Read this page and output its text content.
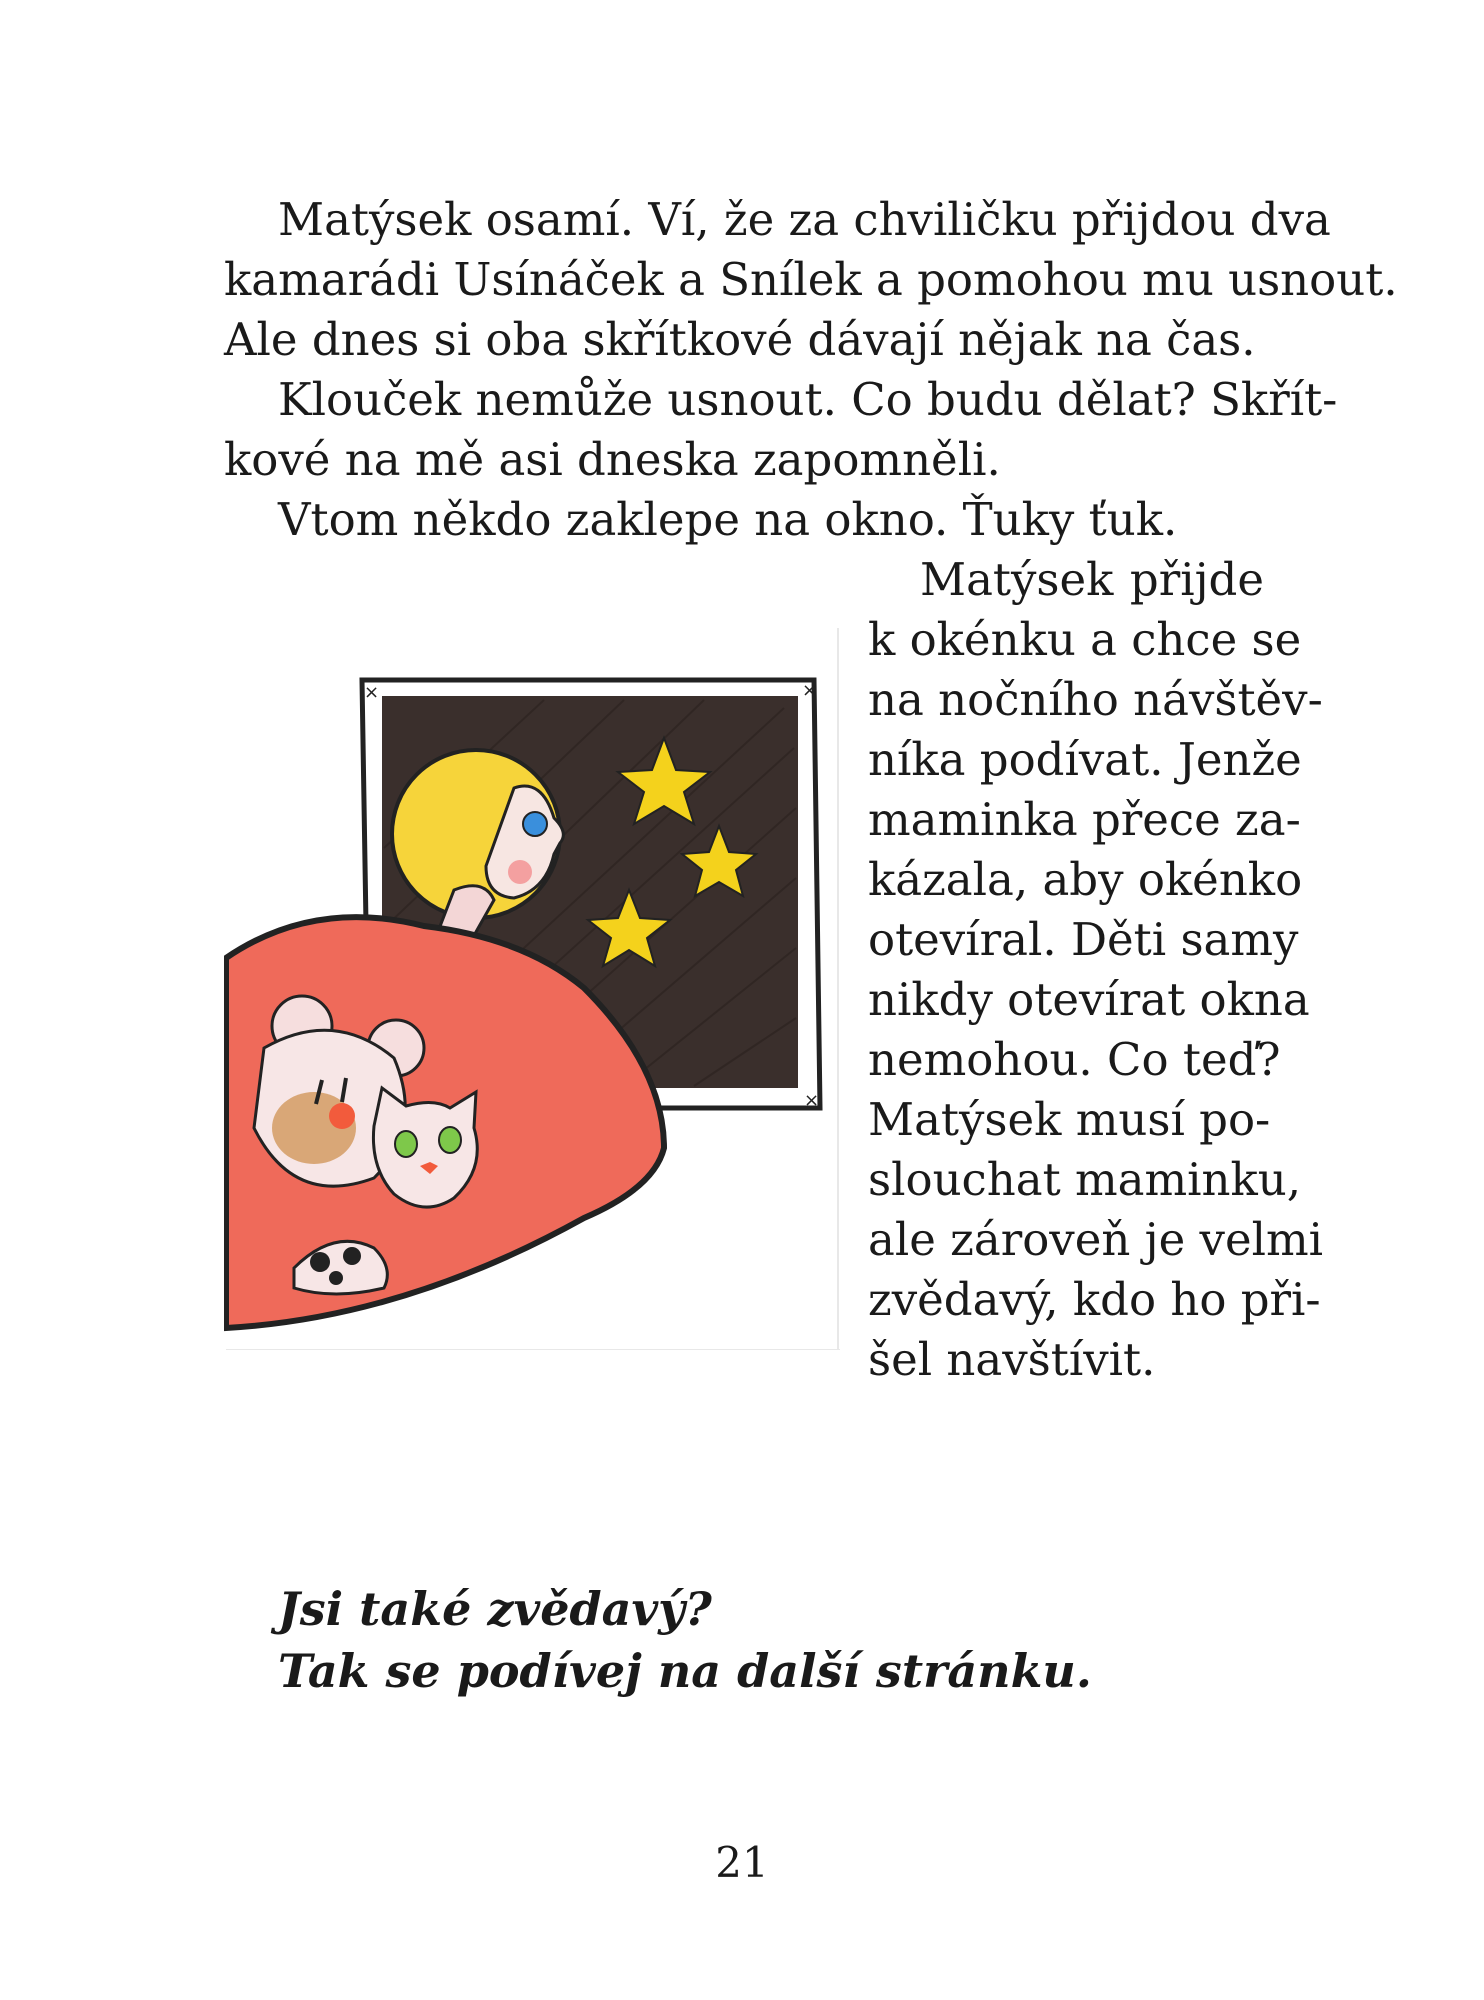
Matýsek osamí. Ví, že za chviličku přijdou dva
kamarádi Usínáček a Snílek a pomohou mu usnout.
Ale dnes si oba skřítkové dávají nějak na čas.
Klouček nemůže usnout. Co budu dělat? Skřít-
kové na mě asi dneska zapomněli.
Vtom někdo zaklepe na okno. Ťuky ťuk.
Matýsek přijde
k okénku a chce se
na nočního návštěv-
níka podívat. Jenže
maminka přece za-
kázala, aby okénko
otevíral. Děti samy
nikdy otevírat okna
nemohou. Co teď?
Matýsek musí po-
slouchat maminku,
ale zároveň je velmi
zvědavý, kdo ho při-
šel navštívit.
×	×
×
Jsi také zvědavý?
Tak se podívej na další stránku.
21
